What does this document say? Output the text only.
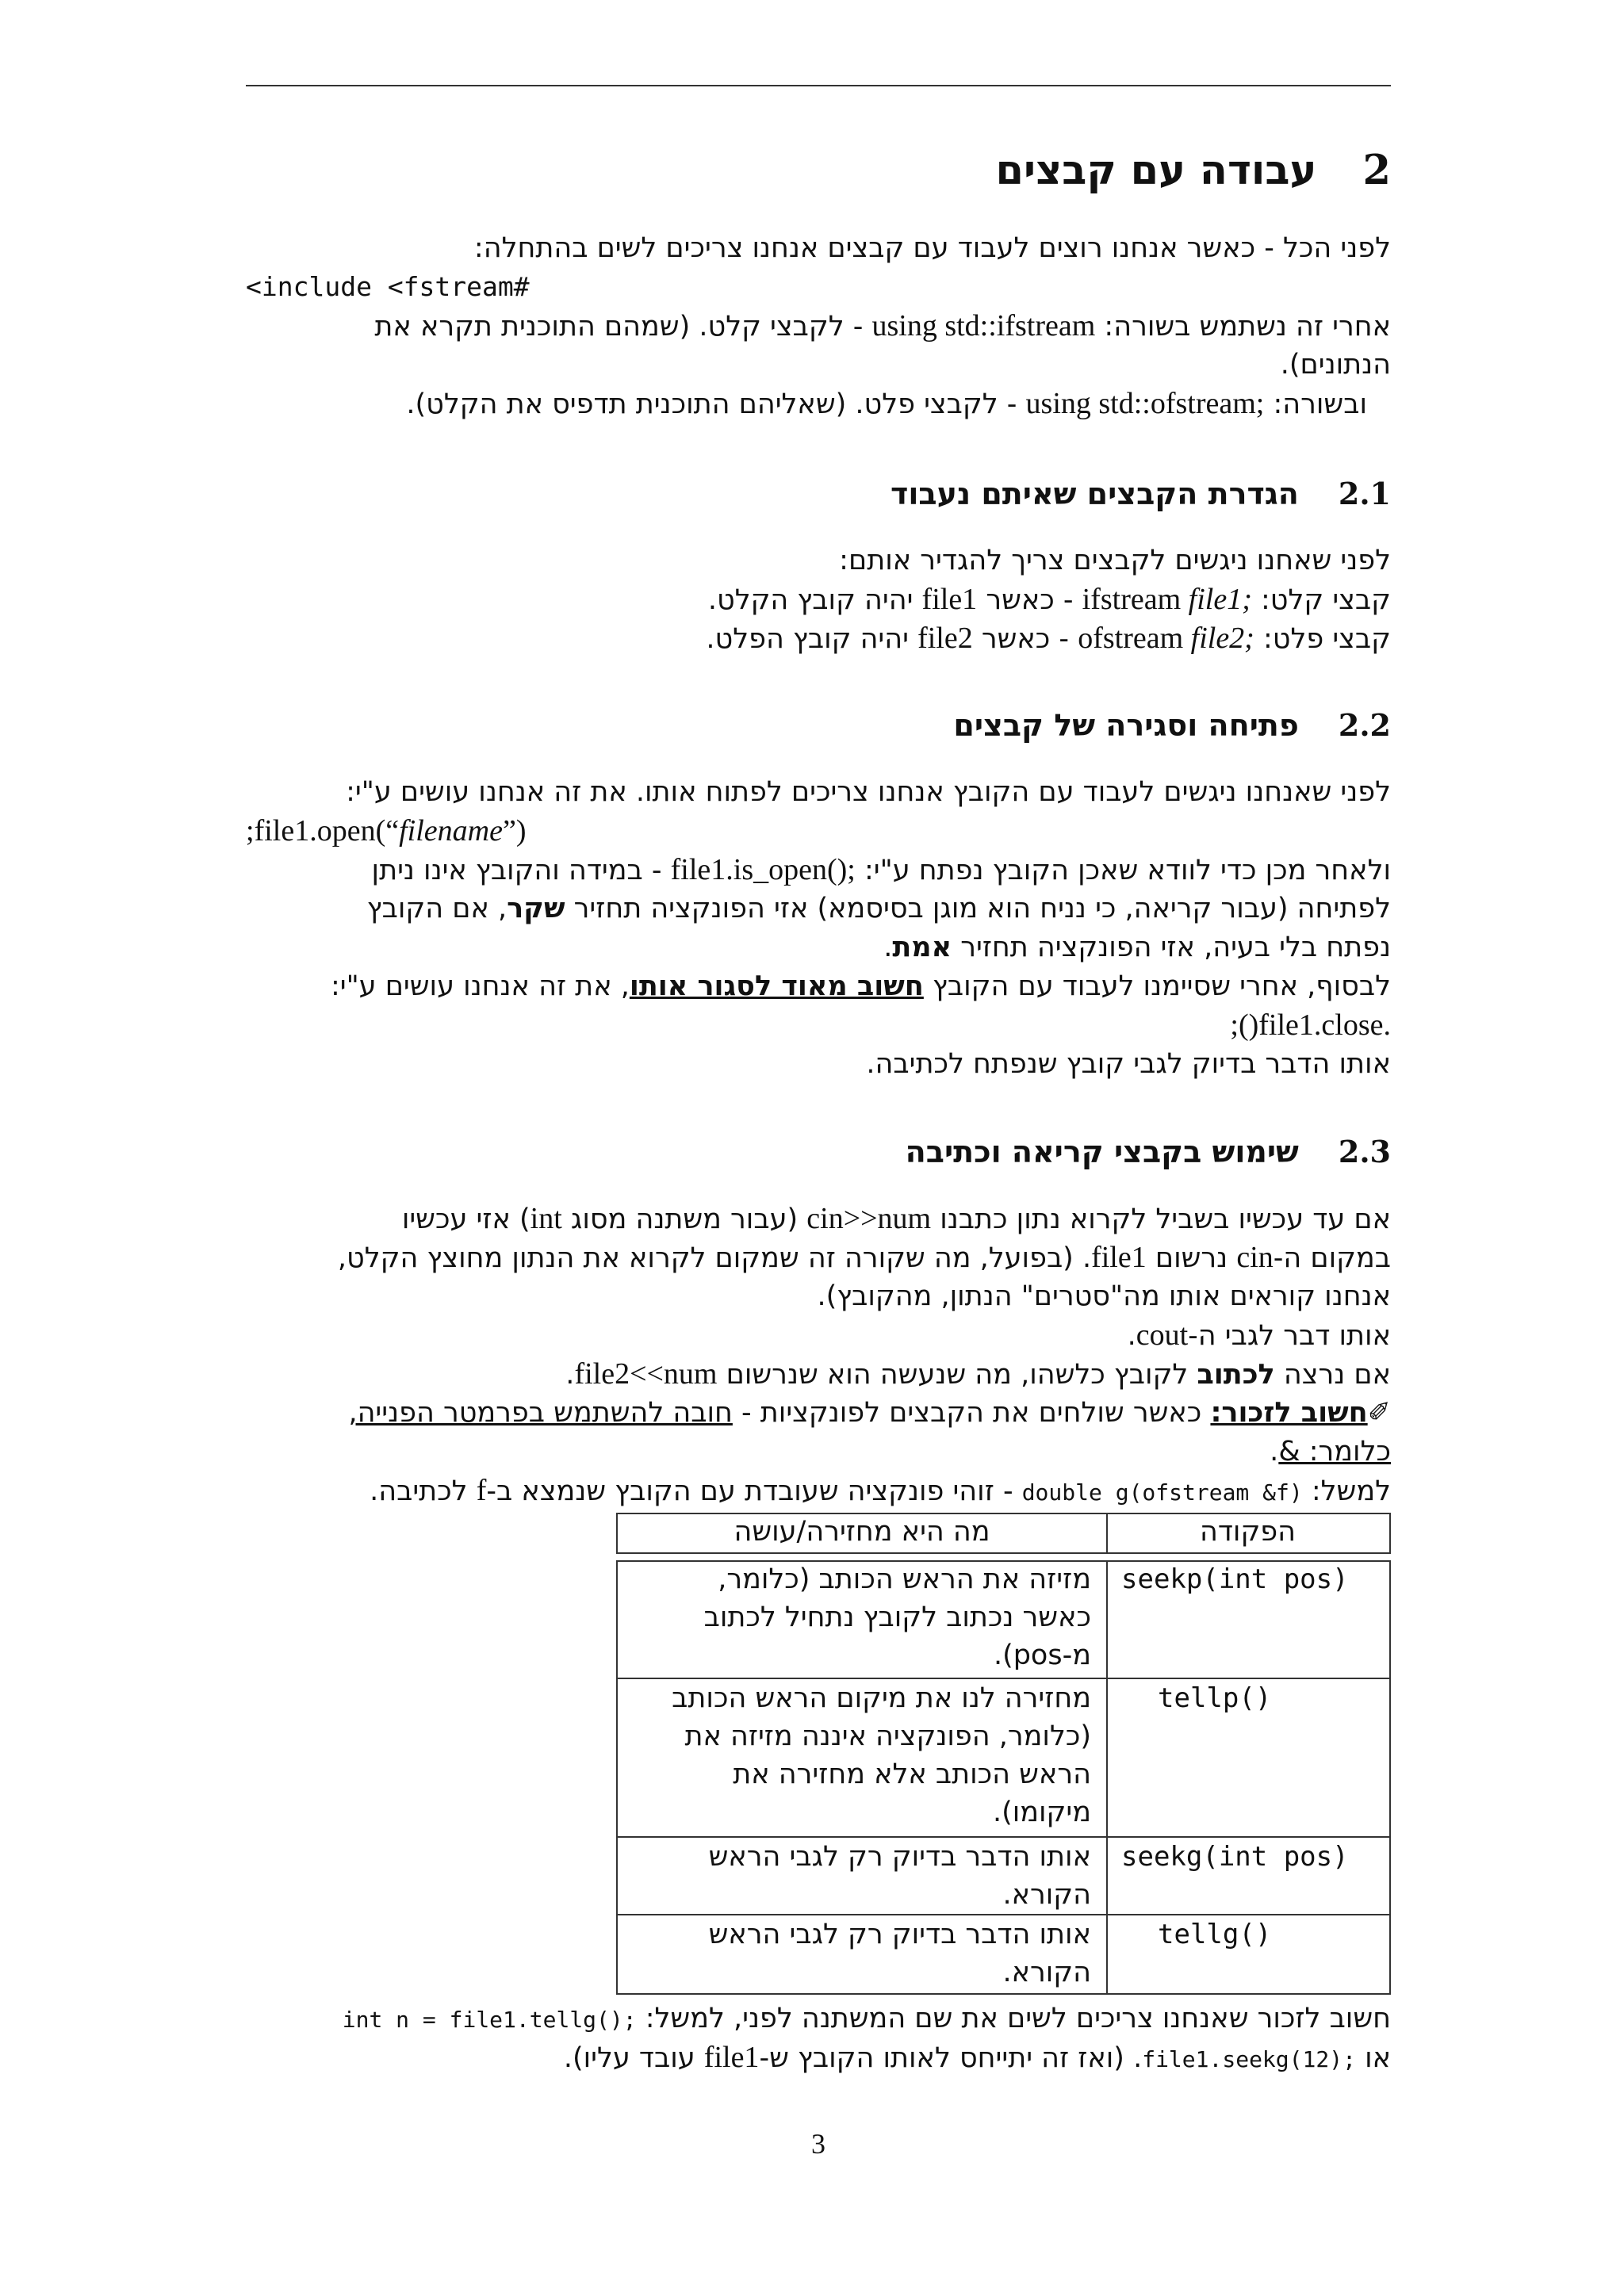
2עבודה עם קבצים
לפני הכל - כאשר אנחנו רוצים לעבוד עם קבצים אנחנו צריכים לשים בהתחלה:
#include <fstream>
אחרי זה נשתמש בשורה: using std::ifstream - לקבצי קלט. (שמהם התוכנית תקרא את
הנתונים).
ובשורה: using std::ofstream; - לקבצי פלט. (שאליהם התוכנית תדפיס את הקלט).
2.1הגדרת הקבצים שאיתם נעבוד
לפני שאחנו ניגשים לקבצים צריך להגדיר אותם:
קבצי קלט: ifstream file1; - כאשר file1 יהיה קובץ הקלט.
קבצי פלט: ofstream file2; - כאשר file2 יהיה קובץ הפלט.
2.2פתיחה וסגירה של קבצים
לפני שאנחנו ניגשים לעבוד עם הקובץ אנחנו צריכים לפתוח אותו. את זה אנחנו עושים ע"י:
file1.open(“filename”);
ולאחר מכן כדי לוודא שאכן הקובץ נפתח ע"י: file1.is_open(); - במידה והקובץ אינו ניתן
לפתיחה (עבור קריאה, כי נניח הוא מוגן בסיסמא) אזי הפונקציה תחזיר שקר, אם הקובץ
נפתח בלי בעיה, אזי הפונקציה תחזיר אמת.
לבסוף, אחרי שסיימנו לעבוד עם הקובץ חשוב מאוד לסגור אותו, את זה אנחנו עושים ע"י:
.file1.close();
אותו הדבר בדיוק לגבי קובץ שנפתח לכתיבה.
2.3שימוש בקבצי קריאה וכתיבה
אם עד עכשיו בשביל לקרוא נתון כתבנו cin>>num (עבור משתנה מסוג int) אזי עכשיו
במקום ה-cin נרשום file1. (בפועל, מה שקורה זה שמקום לקרוא את הנתון מחוצץ הקלט,
אנחנו קוראים אותו מה"סטרים" הנתון, מהקובץ).
אותו דבר לגבי ה-cout.
אם נרצה לכתוב לקובץ כלשהו, מה שנעשה הוא שנרשום file2<<num.
✐חשוב לזכור: כאשר שולחים את הקבצים לפונקציות - חובה להשתמש בפרמטר הפנייה,
כלומר: &.
למשל: double g(ofstream &f) - זוהי פונקציה שעובדת עם הקובץ שנמצא ב-f לכתיבה.
הפקודה
מה היא מחזירה/עושה
seekp(int pos)
מזיזה את הראש הכותב (כלומר,
כאשר נכתוב לקובץ נתחיל לכתוב
מ-pos).
tellp()
מחזירה לנו את מיקום הראש הכותב
(כלומר, הפונקציה איננה מזיזה את
הראש הכותב אלא מחזירה את
מיקומו).
seekg(int pos)
אותו הדבר בדיוק רק לגבי הראש
הקורא.
tellg()
אותו הדבר בדיוק רק לגבי הראש
הקורא.
חשוב לזכור שאנחנו צריכים לשים את שם המשתנה לפני, למשל: int n = file1.tellg();
או file1.seekg(12);. (ואז זה יתייחס לאותו הקובץ ש-file1 עובד עליו).
3
